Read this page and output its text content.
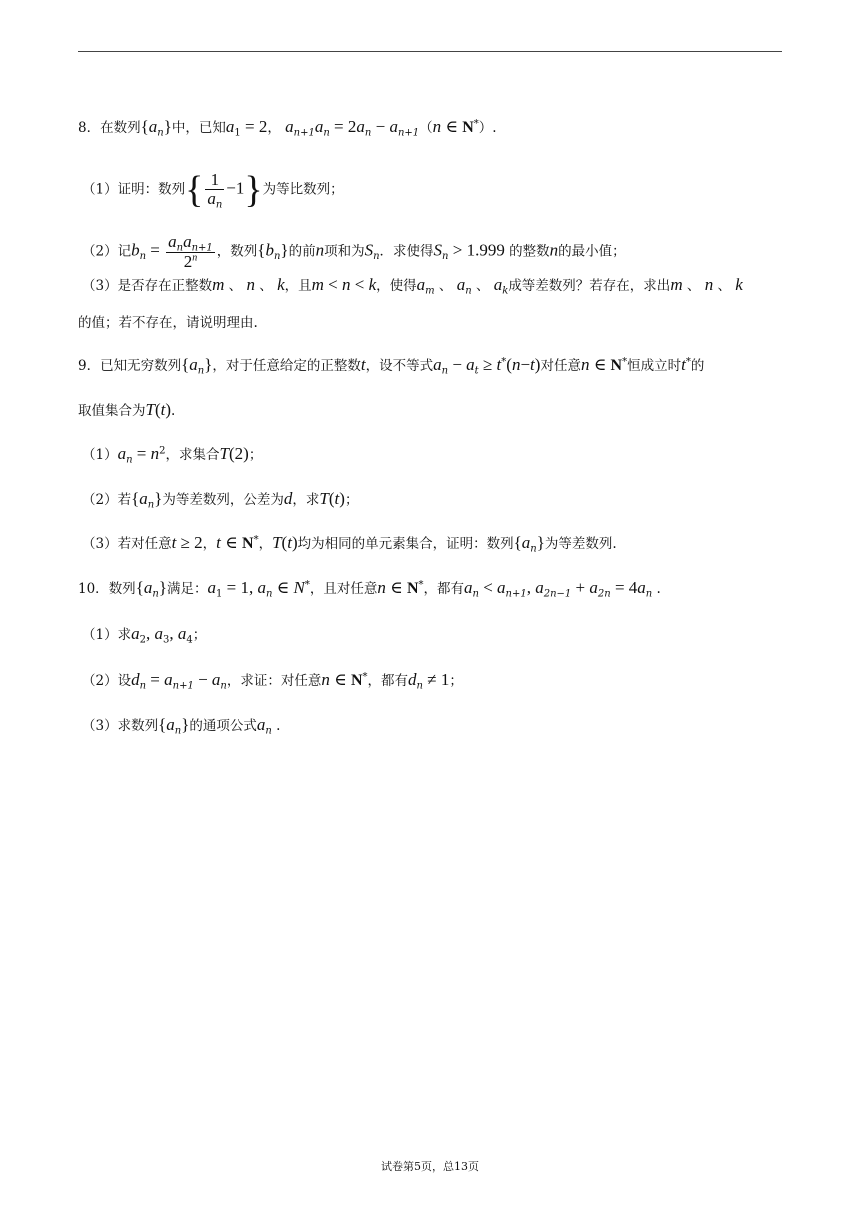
8．在数列$\{a_n\}$中，已知$a_1 = 2$， $a_{n+1}a_n = 2a_n - a_{n+1}(n$ ∈ N*）.
（1）证明：数列{ $\frac{1}{a_n} -1$}为等比数列；
（2）记$b_n = \frac{a_na_{n+1}}{2^n}$ ，数列$\{b_n\}$的前n项和为$S_n$．求使得$S_n > 1.999$ 的整数n的最小值；
（3）是否存在正整数m 、 n 、 k，且m < n < k，使得$a_m$ 、 $a_n$ 、 $a_k$成等差数列？若存在，求出m 、 n 、 k
的值；若不存在，请说明理由.
9．已知无穷数列$\{a_n\}$，对于任意给定的正整数t，设不等式$a_n - a_t \ge t^*(n-t)$对任意n ∈ N*恒成立时t*的
取值集合为T(t).
$(1)a_n = n^2$，求集合T(2)；
（2）若$\{a_n\}$为等差数列，公差为d，求T(t)；
（3）若对任意t ≥ 2，t ∈ N*，T(t)均为相同的单元素集合，证明：数列$\{a_n\}$为等差数列.
10．数列$\{a_n\}$满足：$a_1 = 1$, $a_n$ ∈ N*，且对任意n ∈ N*，都有$a_n < a_{n+1}$, $a_{2n-1} + a_{2n} = 4a_n$ .
（1）求$a_2$, $a_3$, $a_4$；
（2）设$d_n = a_{n+1} - a_n$，求证：对任意n ∈ N*，都有$d_n \ne 1$；
（3）求数列$\{a_n\}$的通项公式$a_n$ .
试卷第5页，总13页
